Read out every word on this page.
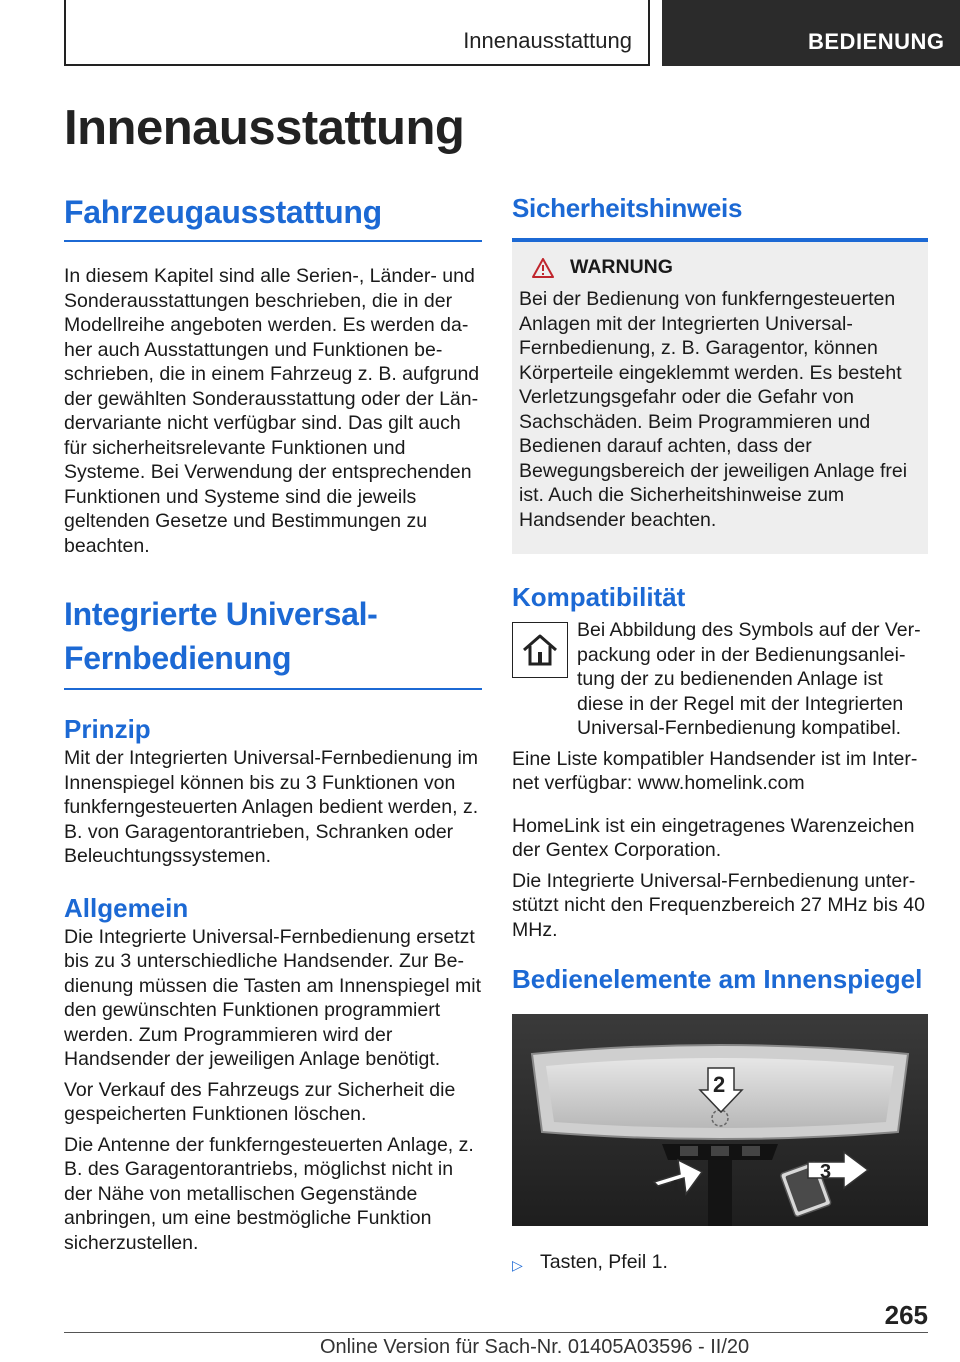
Innenausstattung	BEDIENUNG
Innenausstattung
Fahrzeugausstattung

In diesem Kapitel sind alle Serien-, Länder- und Sonderausstattungen beschrieben, die in der Modellreihe angeboten werden. Es werden daher auch Ausstattungen und Funktionen beschrieben, die in einem Fahrzeug z. B. aufgrund der gewählten Sonderausstattung oder der Ländervariante nicht verfügbar sind. Das gilt auch für sicherheitsrelevante Funktionen und Systeme. Bei Verwendung der entsprechenden Funktionen und Systeme sind die jeweils geltenden Gesetze und Bestimmungen zu beachten.

Integrierte Universal-Fernbedienung
Prinzip

Mit der Integrierten Universal-Fernbedienung im Innenspiegel können bis zu 3 Funktionen von funkferngesteuerten Anlagen bedient werden, z. B. von Garagentorantrieben, Schranken oder Beleuchtungssystemen.

Allgemein

Die Integrierte Universal-Fernbedienung ersetzt bis zu 3 unterschiedliche Handsender. Zur Bedienung müssen die Tasten am Innenspiegel mit den gewünschten Funktionen programmiert werden. Zum Programmieren wird der Handsender der jeweiligen Anlage benötigt.

Vor Verkauf des Fahrzeugs zur Sicherheit die gespeicherten Funktionen löschen.

Die Antenne der funkferngesteuerten Anlage, z. B. des Garagentorantriebs, möglichst nicht in der Nähe von metallischen Gegenstände anbringen, um eine bestmögliche Funktion sicherzustellen.

Sicherheitshinweis
WARNUNG

Bei der Bedienung von funkferngesteuerten Anlagen mit der Integrierten Universal-Fernbedienung, z. B. Garagentor, können Körperteile eingeklemmt werden. Es besteht Verletzungsgefahr oder die Gefahr von Sachschäden. Beim Programmieren und Bedienen darauf achten, dass der Bewegungsbereich der jeweiligen Anlage frei ist. Auch die Sicherheitshinweise zum Handsender beachten.

Kompatibilität

Bei Abbildung des Symbols auf der Verpackung oder in der Bedienungsanleitung der zu bedienenden Anlage ist diese in der Regel mit der Integrierten Universal-Fernbedienung kompatibel.

Eine Liste kompatibler Handsender ist im Internet verfügbar: www.homelink.com

HomeLink ist ein eingetragenes Warenzeichen der Gentex Corporation.

Die Integrierte Universal-Fernbedienung unterstützt nicht den Frequenzbereich 27 MHz bis 40 MHz.

Bedienelemente am Innenspiegel
2
1
3
▷ Tasten, Pfeil 1.
265
Online Version für Sach-Nr. 01405A03596 - II/20
